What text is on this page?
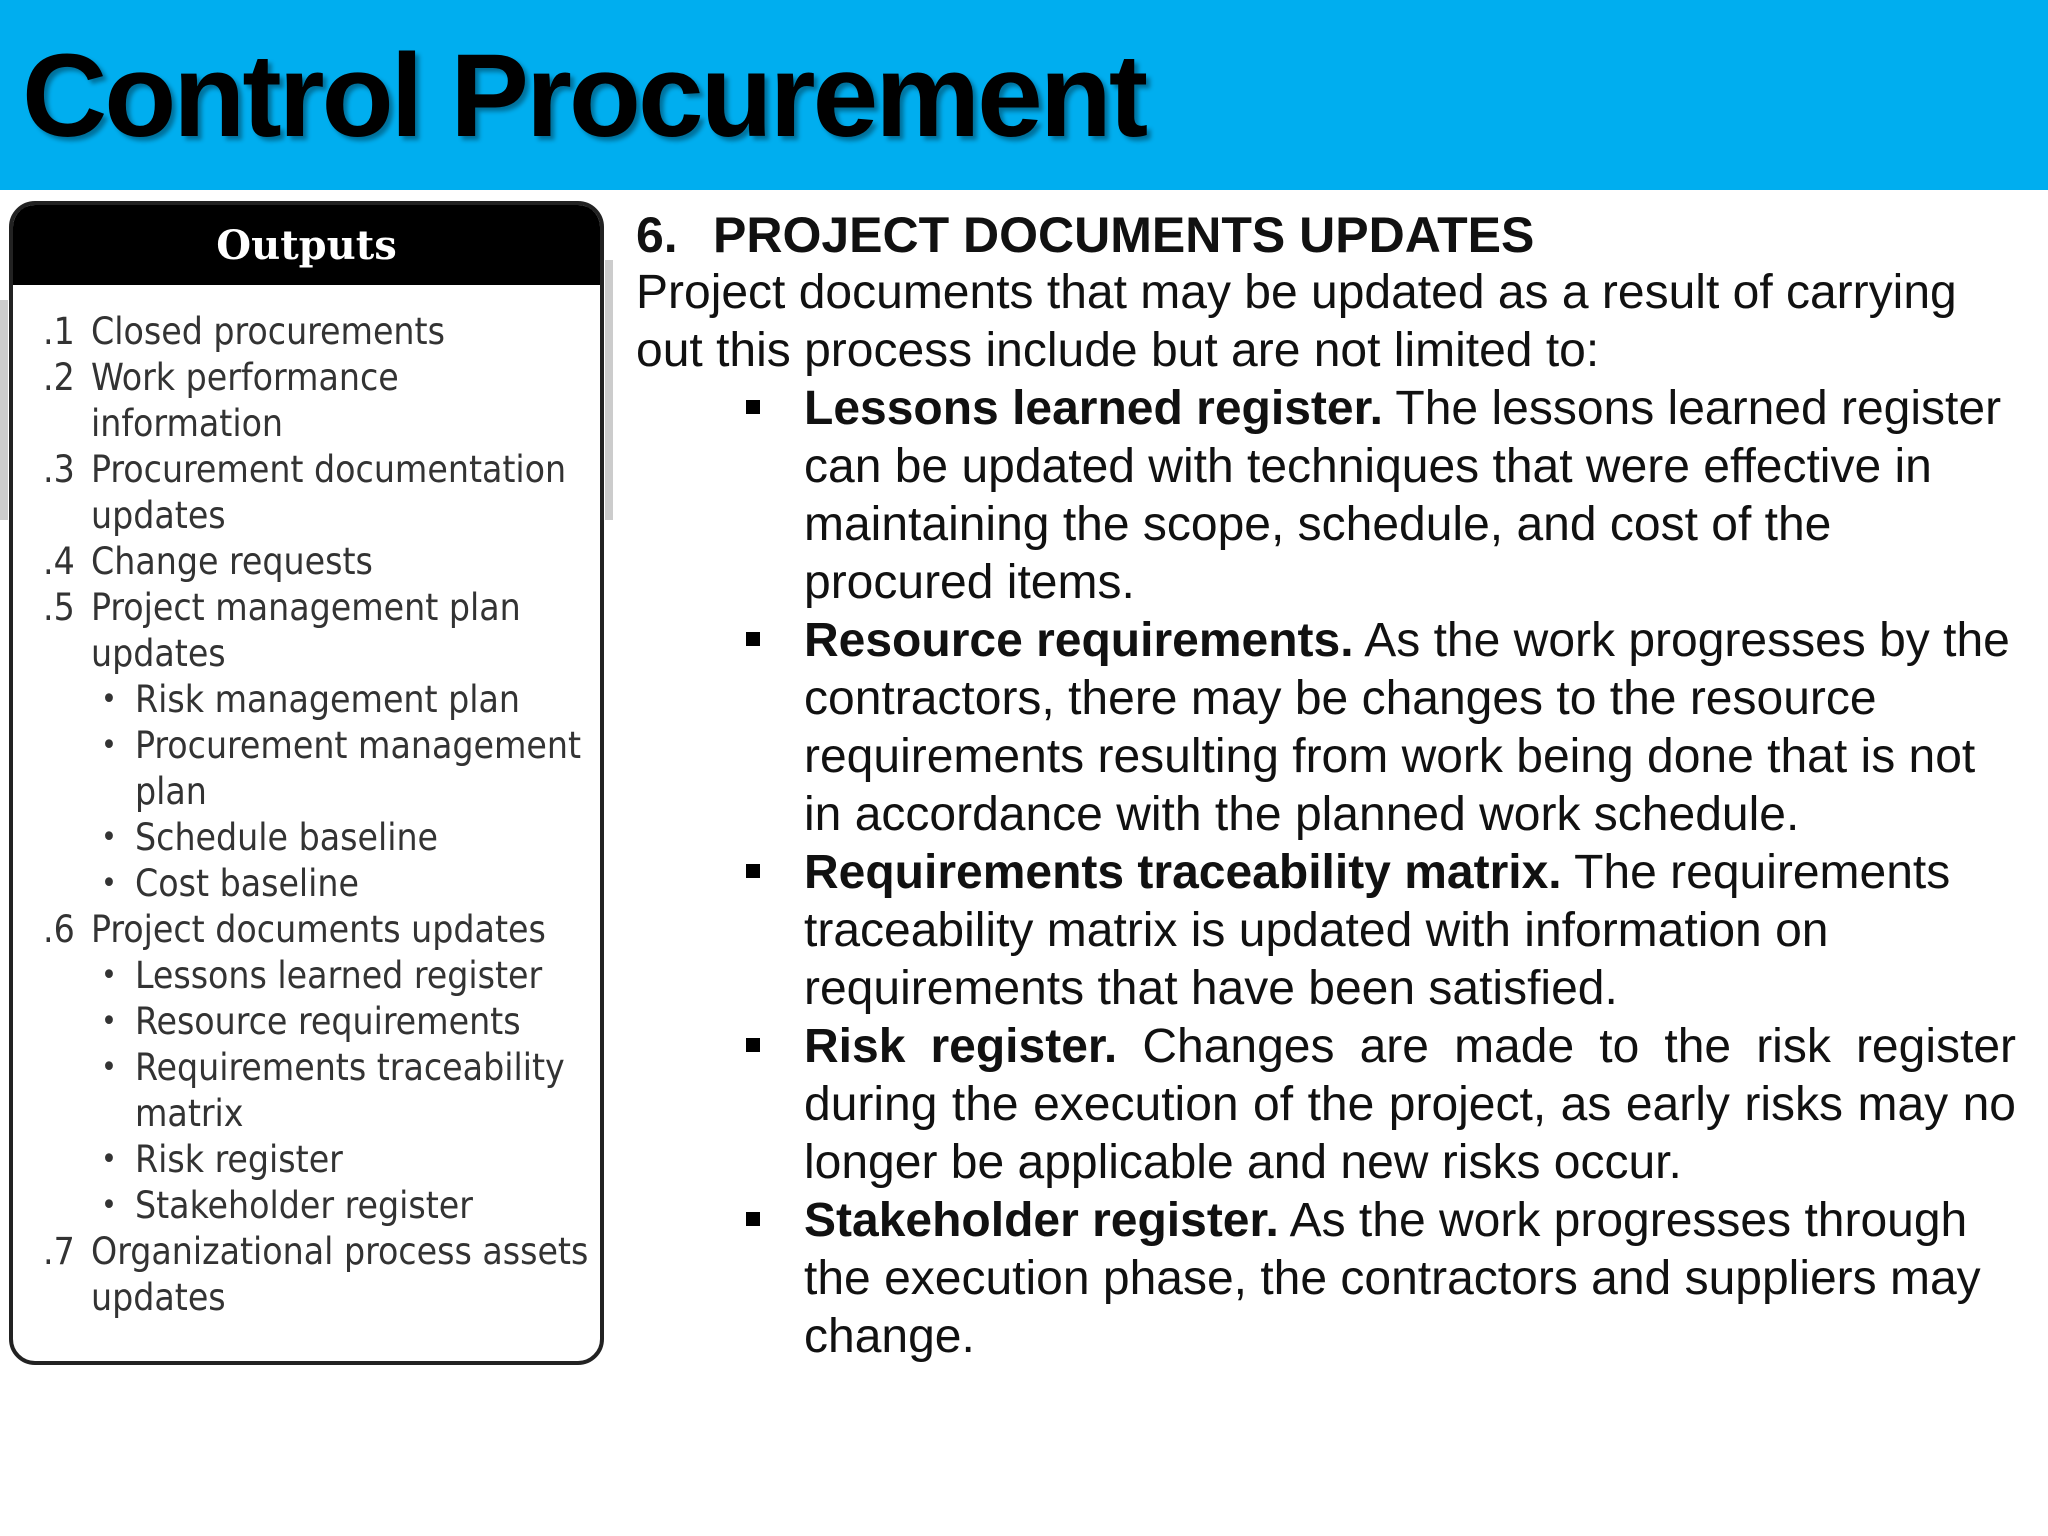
Control Procurement
Outputs
.1 Closed procurements
.2 Work performance information
.3 Procurement documentation updates
.4 Change requests
.5 Project management plan updates
• Risk management plan
• Procurement management plan
• Schedule baseline
• Cost baseline
.6 Project documents updates
• Lessons learned register
• Resource requirements
• Requirements traceability matrix
• Risk register
• Stakeholder register
.7 Organizational process assets updates
6. PROJECT DOCUMENTS UPDATES

Project documents that may be updated as a result of carrying out this process include but are not limited to:

Lessons learned register. The lessons learned register can be updated with techniques that were effective in maintaining the scope, schedule, and cost of the procured items.
Resource requirements. As the work progresses by the contractors, there may be changes to the resource requirements resulting from work being done that is not in accordance with the planned work schedule.
Requirements traceability matrix. The requirements traceability matrix is updated with information on requirements that have been satisfied.
Risk register. Changes are made to the risk register during the execution of the project, as early risks may no longer be applicable and new risks occur.
Stakeholder register. As the work progresses through the execution phase, the contractors and suppliers may change.
